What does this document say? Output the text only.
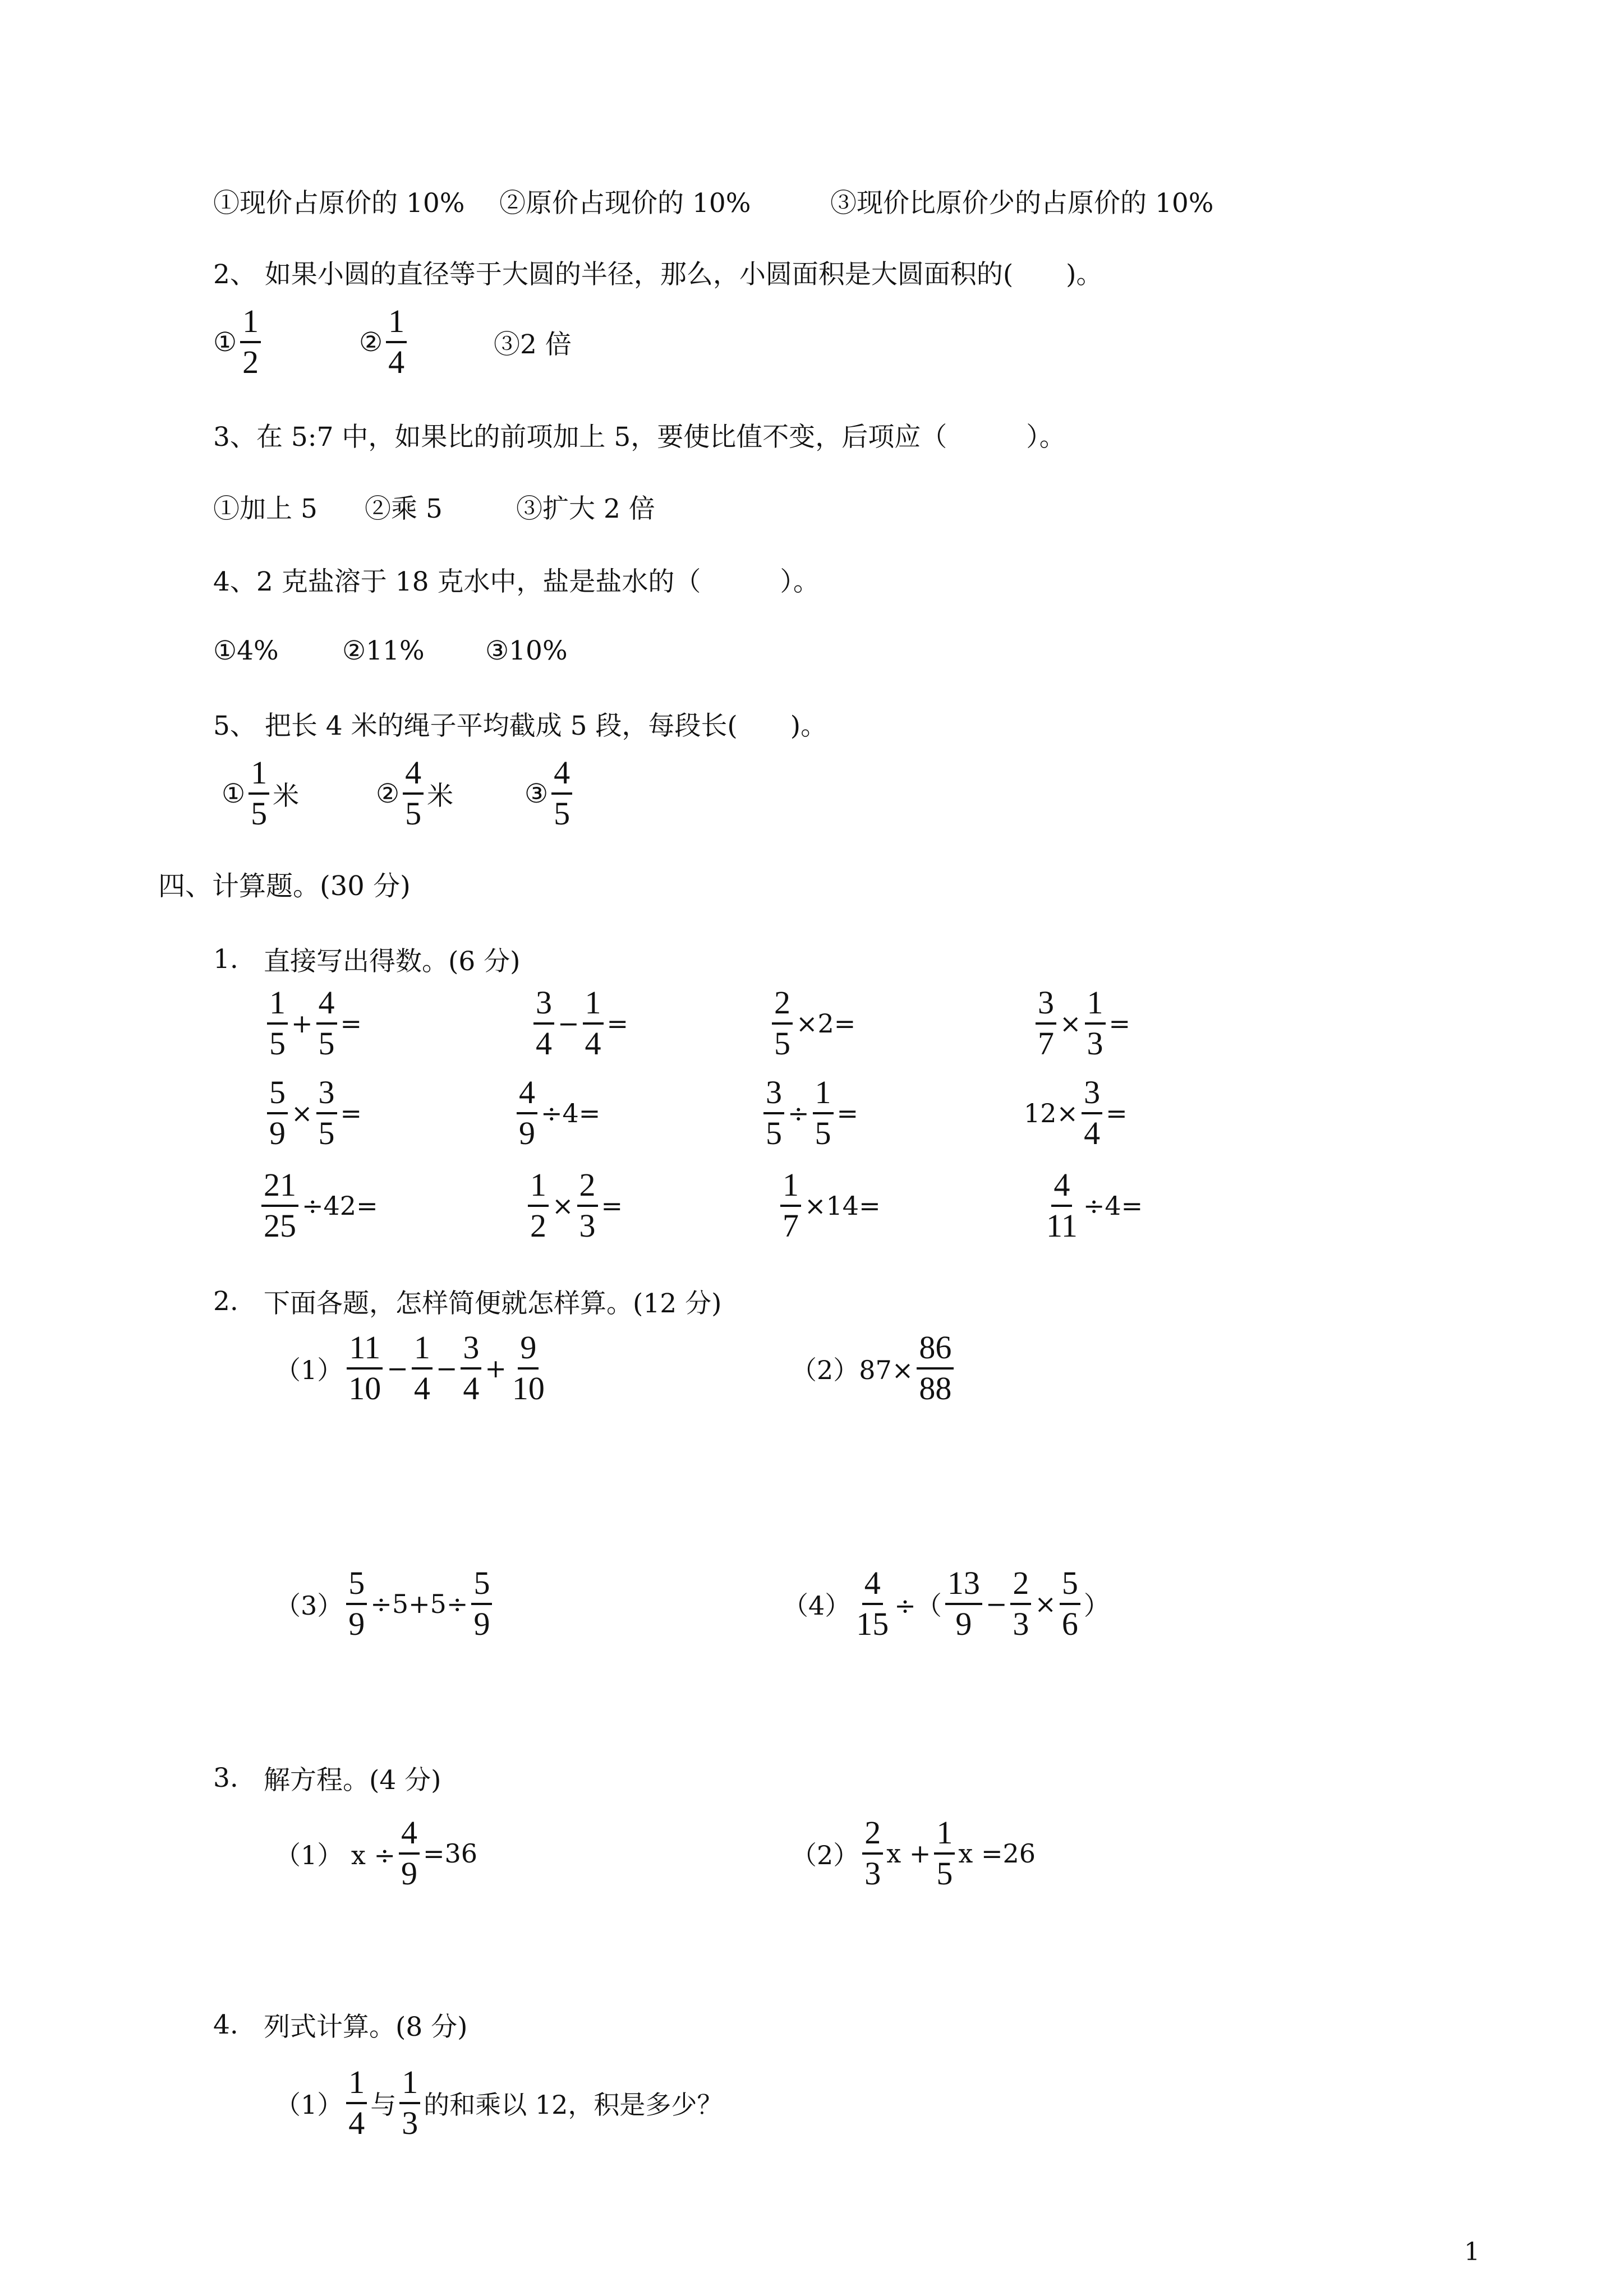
①现价占原价的 10% ②原价占现价的 10%	③现价比原价少的占原价的 10%
2、 如果小圆的直径等于大圆的半径，那么，小圆面积是大圆面积的(　　)。
① $\frac{1}{2}$	② $\frac{1}{4}$	③2 倍
3、在 5:7 中，如果比的前项加上 5，要使比值不变，后项应（　　　）。
①加上 5 ②乘 5	③扩大 2 倍
4、2 克盐溶于 18 克水中，盐是盐水的（　　　）。
①4% ②11% ③10%
5、 把长 4 米的绳子平均截成 5 段，每段长(　　)。
① $\frac{1}{5}$ 米	② $\frac{4}{5}$ 米	③ $\frac{4}{5}$
四、计算题。(30 分)
1. 直接写出得数。(6 分)
$\frac{1}{5} + \frac{4}{5}$ =	$\frac{3}{4} - \frac{1}{4}$ =	$\frac{2}{5} \times 2=$	$\frac{3}{7} \times \frac{1}{3}$ =
$\frac{5}{9} \times \frac{3}{5}$ =	$\frac{4}{9} \div 4=$	$\frac{3}{5} \div \frac{1}{5}$ =	$12\times \frac{3}{4}$ =
$\frac{21}{25} \div 42=$	$\frac{1}{2} \times \frac{2}{3}$ =	$\frac{1}{7} \times 14=$	$\frac{4}{11} \div 4=$
2. 下面各题，怎样简便就怎样算。(12 分)
$(1) \frac{11}{10} - \frac{1}{4} - \frac{3}{4} + \frac{9}{10}$	$(2)87\times \frac{86}{88}$
$(3) \frac{5}{9} \div 5+5\div \frac{5}{9}$	$(4) \frac{4}{15}$ ÷（ $\frac{13}{9} - \frac{2}{3} \times \frac{5}{6}$ ）
3. 解方程。(4 分)
（1） $x \div \frac{4}{9} =36$	$(2) \frac{2}{3}$ $x + \frac{1}{5}$ x =26
4. 列式计算。(8 分)
$(1) \frac{1}{4}$ 与 $\frac{1}{3}$ 的和乘以 12，积是多少？
1
